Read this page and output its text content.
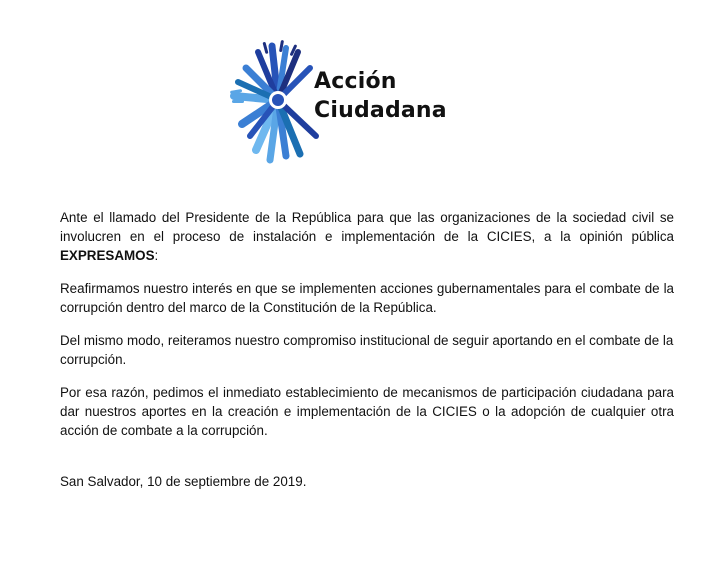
Acción
Ciudadana

Ante el llamado del Presidente de la República para que las organizaciones de la sociedad civil se involucren en el proceso de instalación e implementación de la CICIES, a la opinión pública EXPRESAMOS:

Reafirmamos nuestro interés en que se implementen acciones gubernamentales para el combate de la corrupción dentro del marco de la Constitución de la República.

Del mismo modo, reiteramos nuestro compromiso institucional de seguir aportando en el combate de la corrupción.

Por esa razón, pedimos el inmediato establecimiento de mecanismos de participación ciudadana para dar nuestros aportes en la creación e implementación de la CICIES o la adopción de cualquier otra acción de combate a la corrupción.

San Salvador, 10 de septiembre de 2019.
